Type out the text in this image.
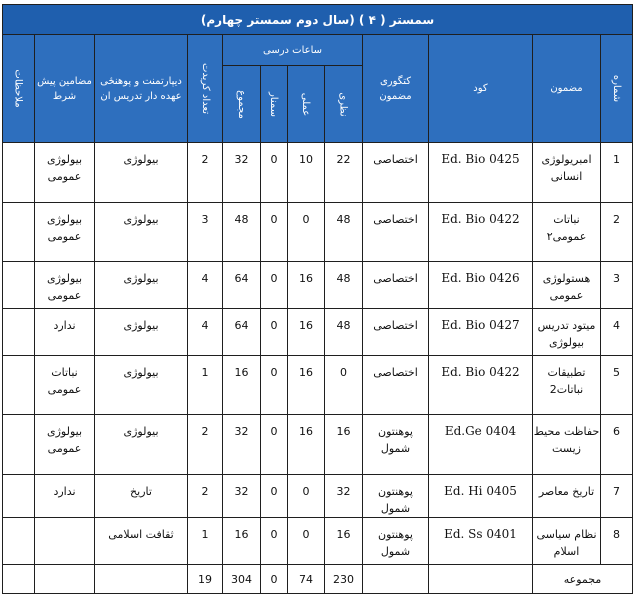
سمستر ( ۴ ) (سال دوم سمستر چهارم)											

ملاحظات	مضامین پیش شرط	دیپارتمنت و پوهنځی عهده دار تدریس ان	تعداد کریدت	ساعات درسی				کتگوری مضمون	کود	مضمون	شماره

				مجموع	سمنار	عملی	نظری				

	بیولوژی عمومی	بیولوژی	2	32	0	10	22	اختصاصی	Ed. Bio 0425	امبریولوژی انسانی	1
	بیولوژی عمومی	بیولوژی	3	48	0	0	48	اختصاصی	Ed. Bio 0422	نباتات عمومی۲	2
	بیولوژی عمومی	بیولوژی	4	64	0	16	48	اختصاصی	Ed. Bio 0426	هستولوژی عمومی	3
	ندارد	بیولوژی	4	64	0	16	48	اختصاصی	Ed. Bio 0427	میتود تدریس بیولوژی	4
	نباتات عمومی	بیولوژی	1	16	0	16	0	اختصاصی	Ed. Bio 0422	تطبیقات نباتات2	5
	بیولوژی عمومی	بیولوژی	2	32	0	16	16	پوهنتون شمول	Ed.Ge 0404	حفاظت محیط زیست	6
	ندارد	تاریخ	2	32	0	0	32	پوهنتون شمول	Ed. Hi 0405	تاریخ معاصر	7
		ثقافت اسلامی	1	16	0	0	16	پوهنتون شمول	Ed. Ss 0401	نظام سیاسی اسلام	8
			19	304	0	74	230			مجموعه	
